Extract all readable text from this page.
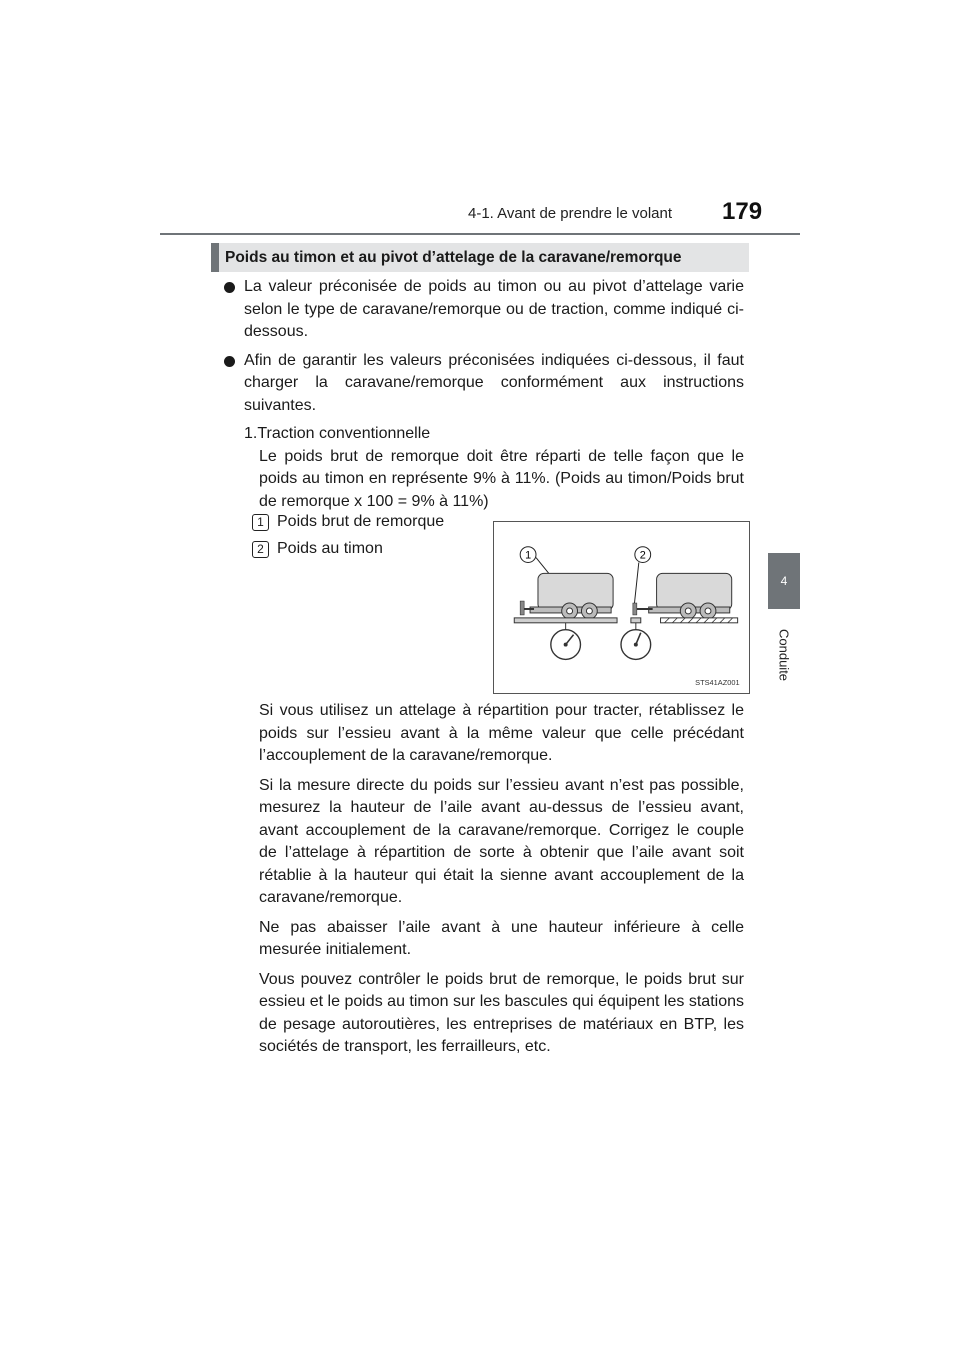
4-1. Avant de prendre le volant 179
4
Conduite
Poids au timon et au pivot d’attelage de la caravane/remorque
La valeur préconisée de poids au timon ou au pivot d’attelage varie selon le type de caravane/remorque ou de traction, comme indiqué ci-dessous.
Afin de garantir les valeurs préconisées indiquées ci-dessous, il faut charger la caravane/remorque conformément aux instructions suivantes.
1.Traction conventionnelle
Le poids brut de remorque doit être réparti de telle façon que le poids au timon en représente 9% à 11%. (Poids au timon/Poids brut de remorque x 100 = 9% à 11%)
1 Poids brut de remorque
2 Poids au timon	1	2
STS41AZ001

Si vous utilisez un attelage à répartition pour tracter, rétablissez le poids sur l’essieu avant à la même valeur que celle précédant l’accouplement de la caravane/remorque.

Si la mesure directe du poids sur l’essieu avant n’est pas possible, mesurez la hauteur de l’aile avant au-dessus de l’essieu avant, avant accouplement de la caravane/remorque. Corrigez le couple de l’attelage à répartition de sorte à obtenir que l’aile avant soit rétablie à la hauteur qui était la sienne avant accouplement de la caravane/remorque.

Ne pas abaisser l’aile avant à une hauteur inférieure à celle mesurée initialement.

Vous pouvez contrôler le poids brut de remorque, le poids brut sur essieu et le poids au timon sur les bascules qui équipent les stations de pesage autoroutières, les entreprises de matériaux en BTP, les sociétés de transport, les ferrailleurs, etc.
